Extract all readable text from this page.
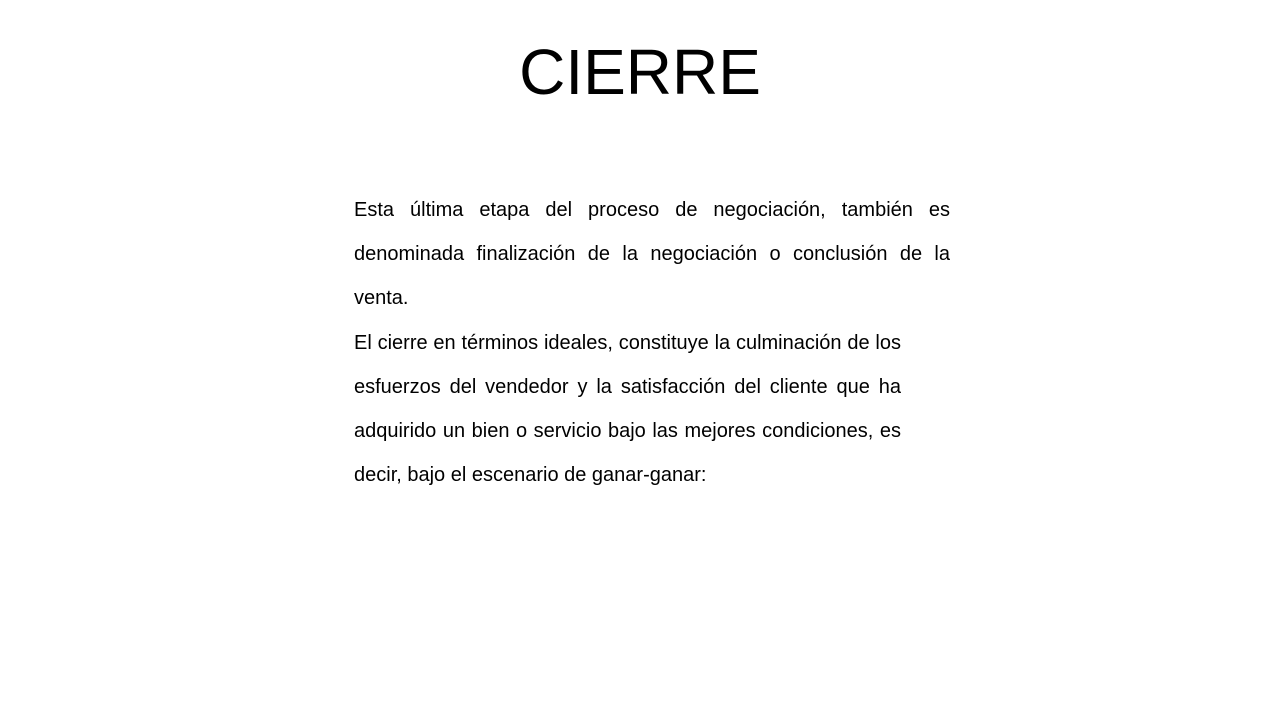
CIERRE

Esta última etapa del proceso de negociación, también es denominada finalización de la negociación o conclusión de la venta.

El cierre en términos ideales, constituye la culminación de los esfuerzos del vendedor y la satisfacción del cliente que ha adquirido un bien o servicio bajo las mejores condiciones, es decir, bajo el escenario de ganar-ganar:
